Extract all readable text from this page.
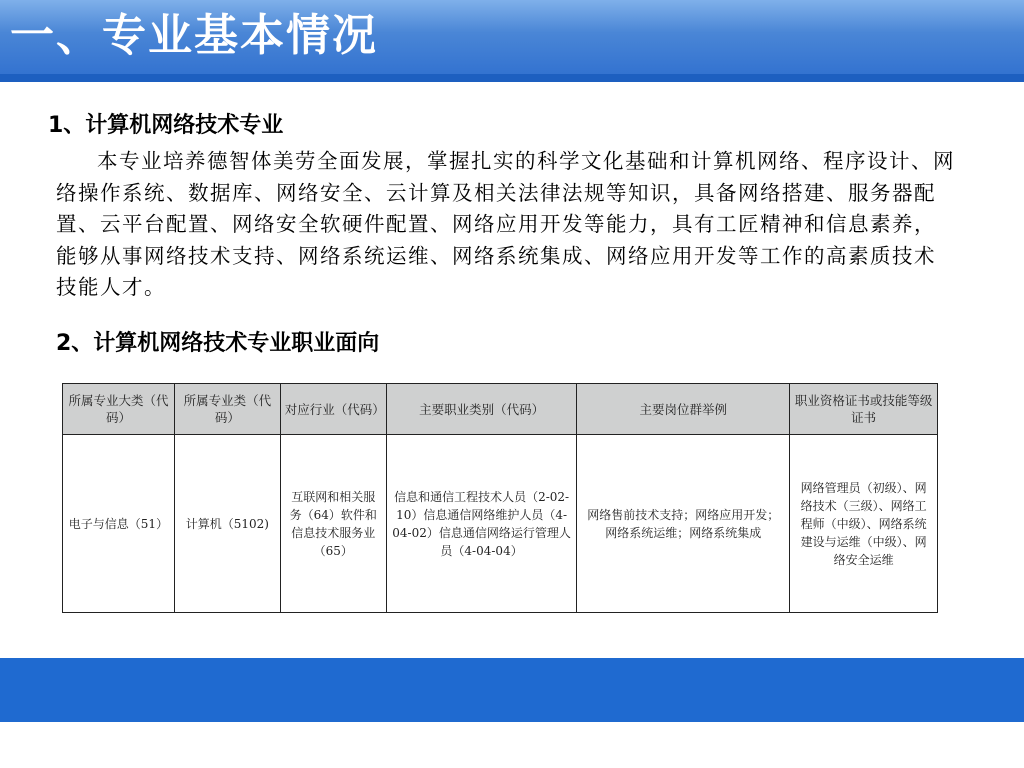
一、专业基本情况
1、计算机网络技术专业
本专业培养德智体美劳全面发展，掌握扎实的科学文化基础和计算机网络、程序设计、网络操作系统、数据库、网络安全、云计算及相关法律法规等知识，具备网络搭建、服务器配置、云平台配置、网络安全软硬件配置、网络应用开发等能力，具有工匠精神和信息素养，能够从事网络技术支持、网络系统运维、网络系统集成、网络应用开发等工作的高素质技术技能人才。
2、计算机网络技术专业职业面向
所属专业大类（代码）	所属专业类（代码）	对应行业（代码）	主要职业类别（代码）	主要岗位群举例	职业资格证书或技能等级证书
电子与信息（51）	计算机（5102)	互联网和相关服务（64）软件和信息技术服务业（65）	信息和通信工程技术人员（2-02-10）信息通信网络维护人员（4-04-02）信息通信网络运行管理人员（4-04-04）	网络售前技术支持；网络应用开发；网络系统运维；网络系统集成	网络管理员（初级）、网络技术（三级）、网络工程师（中级）、网络系统建设与运维（中级）、网络安全运维
